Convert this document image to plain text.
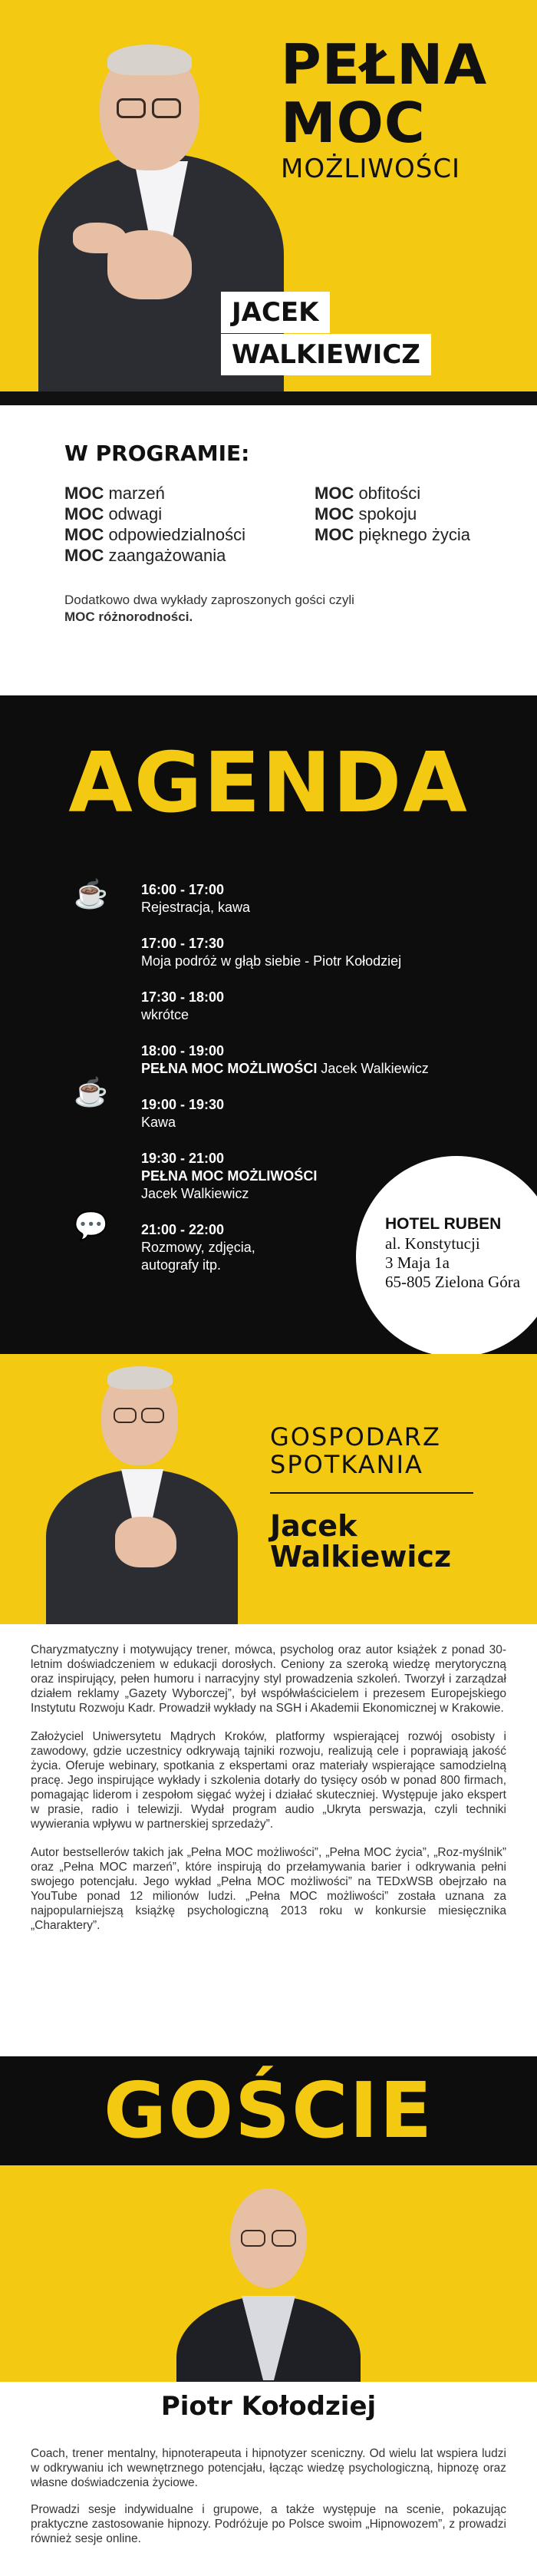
PEŁNA
MOC
MOŻLIWOŚCI
JACEK
WALKIEWICZ
W PROGRAMIE:
MOC marzeń
MOC odwagi
MOC odpowiedzialności
MOC zaangażowania
MOC obfitości
MOC spokoju
MOC pięknego życia
Dodatkowo dwa wykłady zaproszonych gości czyli
MOC różnorodności.
AGENDA
☕
☕
💬
16:00 - 17:00
Rejestracja, kawa
17:00 - 17:30
Moja podróż w głąb siebie - Piotr Kołodziej
17:30 - 18:00
wkrótce
18:00 - 19:00
PEŁNA MOC MOŻLIWOŚCI Jacek Walkiewicz
19:00 - 19:30
Kawa
19:30 - 21:00
PEŁNA MOC MOŻLIWOŚCI
Jacek Walkiewicz
21:00 - 22:00
Rozmowy, zdjęcia,
autografy itp.
HOTEL RUBEN
al. Konstytucji
3 Maja 1a
65-805 Zielona Góra
GOSPODARZ
SPOTKANIA
Jacek
Walkiewicz

Charyzmatyczny i motywujący trener, mówca, psycholog oraz autor książek z ponad 30-letnim doświadczeniem w edukacji dorosłych. Ceniony za szeroką wiedzę merytoryczną oraz inspirujący, pełen humoru i narracyjny styl prowadzenia szkoleń. Tworzył i zarządzał działem reklamy „Gazety Wyborczej”, był współwłaścicielem i prezesem Europejskiego Instytutu Rozwoju Kadr. Prowadził wykłady na SGH i Akademii Ekonomicznej w Krakowie.

Założyciel Uniwersytetu Mądrych Kroków, platformy wspierającej rozwój osobisty i zawodowy, gdzie uczestnicy odkrywają tajniki rozwoju, realizują cele i poprawiają jakość życia. Oferuje webinary, spotkania z ekspertami oraz materiały wspierające samodzielną pracę. Jego inspirujące wykłady i szkolenia dotarły do tysięcy osób w ponad 800 firmach, pomagając liderom i zespołom sięgać wyżej i działać skuteczniej. Występuje jako ekspert w prasie, radio i telewizji. Wydał program audio „Ukryta perswazja, czyli techniki wywierania wpływu w partnerskiej sprzedaży”.

Autor bestsellerów takich jak „Pełna MOC możliwości”, „Pełna MOC życia”, „Roz-myślnik” oraz „Pełna MOC marzeń”, które inspirują do przełamywania barier i odkrywania pełni swojego potencjału. Jego wykład „Pełna MOC możliwości” na TEDxWSB obejrzało na YouTube ponad 12 milionów ludzi. „Pełna MOC możliwości” została uznana za najpopularniejszą książkę psychologiczną 2013 roku w konkursie miesięcznika „Charaktery”.

GOŚCIE
Piotr Kołodziej

Coach, trener mentalny, hipnoterapeuta i hipnotyzer sceniczny. Od wielu lat wspiera ludzi w odkrywaniu ich wewnętrznego potencjału, łącząc wiedzę psychologiczną, hipnozę oraz własne doświadczenia życiowe.

Prowadzi sesje indywidualne i grupowe, a także występuje na scenie, pokazując praktyczne zastosowanie hipnozy. Podróżuje po Polsce swoim „Hipnowozem”, z prowadzi również sesje online.
